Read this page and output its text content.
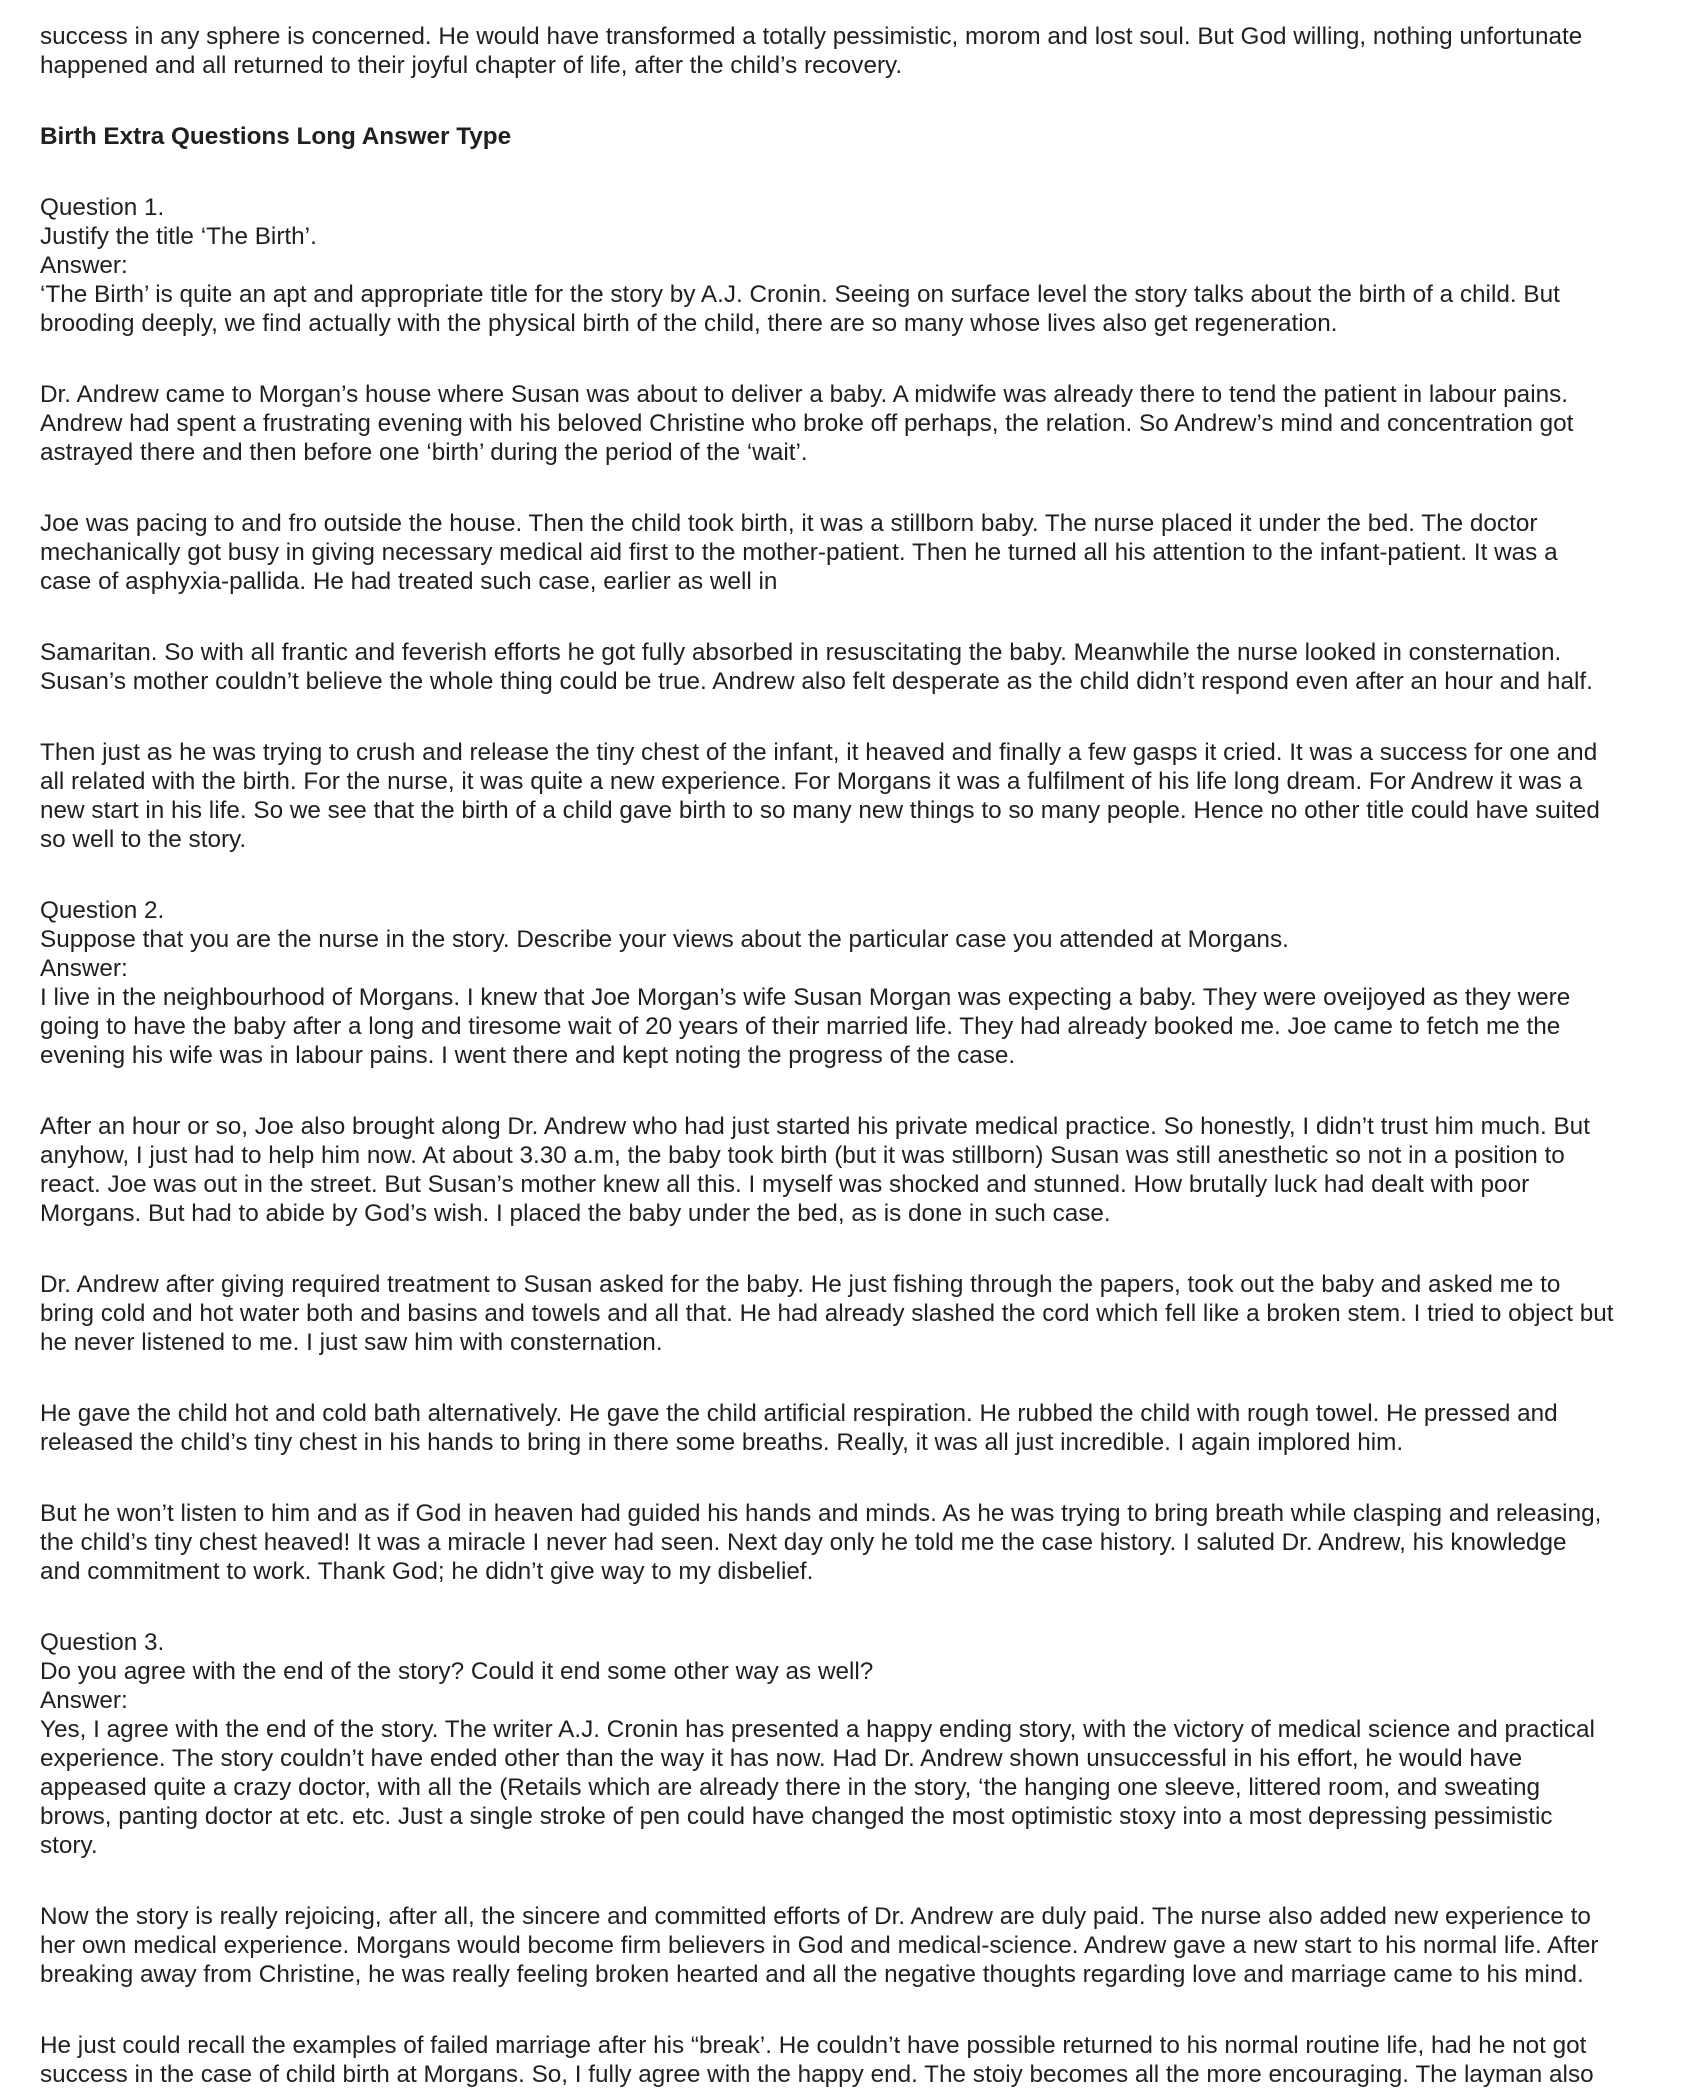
success in any sphere is concerned. He would have transformed a totally pessimistic, morom and lost soul. But God willing, nothing unfortunate

happened and all returned to their joyful chapter of life, after the child’s recovery.

Birth Extra Questions Long Answer Type

Question 1.

Justify the title ‘The Birth’.

Answer:

‘The Birth’ is quite an apt and appropriate title for the story by A.J. Cronin. Seeing on surface level the story talks about the birth of a child. But

brooding deeply, we find actually with the physical birth of the child, there are so many whose lives also get regeneration.

Dr. Andrew came to Morgan’s house where Susan was about to deliver a baby. A midwife was already there to tend the patient in labour pains.

Andrew had spent a frustrating evening with his beloved Christine who broke off perhaps, the relation. So Andrew’s mind and concentration got

astrayed there and then before one ‘birth’ during the period of the ‘wait’.

Joe was pacing to and fro outside the house. Then the child took birth, it was a stillborn baby. The nurse placed it under the bed. The doctor

mechanically got busy in giving necessary medical aid first to the mother-patient. Then he turned all his attention to the infant-patient. It was a

case of asphyxia-pallida. He had treated such case, earlier as well in

Samaritan. So with all frantic and feverish efforts he got fully absorbed in resuscitating the baby. Meanwhile the nurse looked in consternation.

Susan’s mother couldn’t believe the whole thing could be true. Andrew also felt desperate as the child didn’t respond even after an hour and half.

Then just as he was trying to crush and release the tiny chest of the infant, it heaved and finally a few gasps it cried. It was a success for one and

all related with the birth. For the nurse, it was quite a new experience. For Morgans it was a fulfilment of his life long dream. For Andrew it was a

new start in his life. So we see that the birth of a child gave birth to so many new things to so many people. Hence no other title could have suited

so well to the story.

Question 2.

Suppose that you are the nurse in the story. Describe your views about the particular case you attended at Morgans.

Answer:

I live in the neighbourhood of Morgans. I knew that Joe Morgan’s wife Susan Morgan was expecting a baby. They were oveijoyed as they were

going to have the baby after a long and tiresome wait of 20 years of their married life. They had already booked me. Joe came to fetch me the

evening his wife was in labour pains. I went there and kept noting the progress of the case.

After an hour or so, Joe also brought along Dr. Andrew who had just started his private medical practice. So honestly, I didn’t trust him much. But

anyhow, I just had to help him now. At about 3.30 a.m, the baby took birth (but it was stillborn) Susan was still anesthetic so not in a position to

react. Joe was out in the street. But Susan’s mother knew all this. I myself was shocked and stunned. How brutally luck had dealt with poor

Morgans. But had to abide by God’s wish. I placed the baby under the bed, as is done in such case.

Dr. Andrew after giving required treatment to Susan asked for the baby. He just fishing through the papers, took out the baby and asked me to

bring cold and hot water both and basins and towels and all that. He had already slashed the cord which fell like a broken stem. I tried to object but

he never listened to me. I just saw him with consternation.

He gave the child hot and cold bath alternatively. He gave the child artificial respiration. He rubbed the child with rough towel. He pressed and

released the child’s tiny chest in his hands to bring in there some breaths. Really, it was all just incredible. I again implored him.

But he won’t listen to him and as if God in heaven had guided his hands and minds. As he was trying to bring breath while clasping and releasing,

the child’s tiny chest heaved! It was a miracle I never had seen. Next day only he told me the case history. I saluted Dr. Andrew, his knowledge

and commitment to work. Thank God; he didn’t give way to my disbelief.

Question 3.

Do you agree with the end of the story? Could it end some other way as well?

Answer:

Yes, I agree with the end of the story. The writer A.J. Cronin has presented a happy ending story, with the victory of medical science and practical

experience. The story couldn’t have ended other than the way it has now. Had Dr. Andrew shown unsuccessful in his effort, he would have

appeased quite a crazy doctor, with all the (Retails which are already there in the story, ‘the hanging one sleeve, littered room, and sweating

brows, panting doctor at etc. etc. Just a single stroke of pen could have changed the most optimistic stoxy into a most depressing pessimistic

story.

Now the story is really rejoicing, after all, the sincere and committed efforts of Dr. Andrew are duly paid. The nurse also added new experience to

her own medical experience. Morgans would become firm believers in God and medical-science. Andrew gave a new start to his normal life. After

breaking away from Christine, he was really feeling broken hearted and all the negative thoughts regarding love and marriage came to his mind.

He just could recall the examples of failed marriage after his “break’. He couldn’t have possible returned to his normal routine life, had he not got

success in the case of child birth at Morgans. So, I fully agree with the happy end. The stoiy becomes all the more encouraging. The layman also
